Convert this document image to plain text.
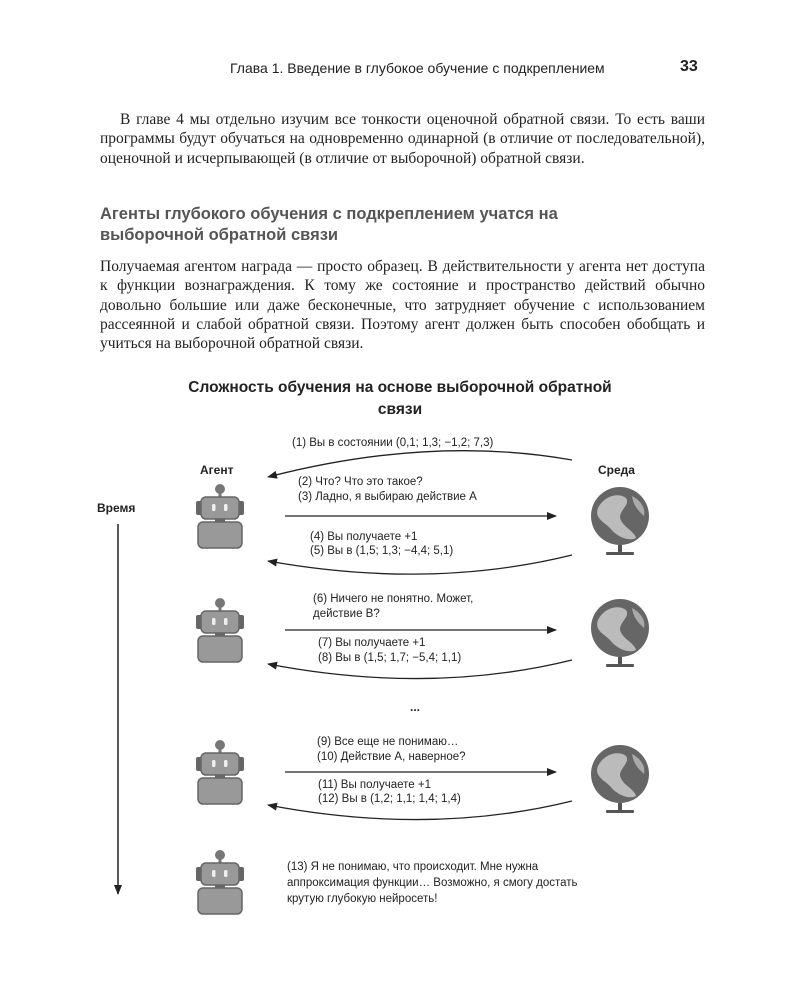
Глава 1. Введение в глубокое обучение с подкреплением	33
В главе 4 мы отдельно изучим все тонкости оценочной обратной связи. То есть ваши программы будут обучаться на одновременно одинарной (в отличие от последовательной), оценочной и исчерпывающей (в отличие от выборочной) обратной связи.
Агенты глубокого обучения с подкреплением учатся на выборочной обратной связи
Получаемая агентом награда — просто образец. В действительности у агента нет доступа к функции вознаграждения. К тому же состояние и пространство действий обычно довольно большие или даже бесконечные, что затрудняет обучение с использованием рассеянной и слабой обратной связи. Поэтому агент должен быть способен обобщать и учиться на выборочной обратной связи.
Сложность обучения на основе выборочной обратной связи
Агент	Среда
Время
(1) Вы в состоянии (0,1; 1,3; −1,2; 7,3)
(2) Что? Что это такое?
(3) Ладно, я выбираю действие А
(4) Вы получаете +1
(5) Вы в (1,5; 1,3; −4,4; 5,1)
(6) Ничего не понятно. Может,
действие В?
(7) Вы получаете +1
(8) Вы в (1,5; 1,7; −5,4; 1,1)
...
(9) Все еще не понимаю…
(10) Действие А, наверное?
(11) Вы получаете +1
(12) Вы в (1,2; 1,1; 1,4; 1,4)
(13) Я не понимаю, что происходит. Мне нужна
аппроксимация функции… Возможно, я смогу достать
крутую глубокую нейросеть!
